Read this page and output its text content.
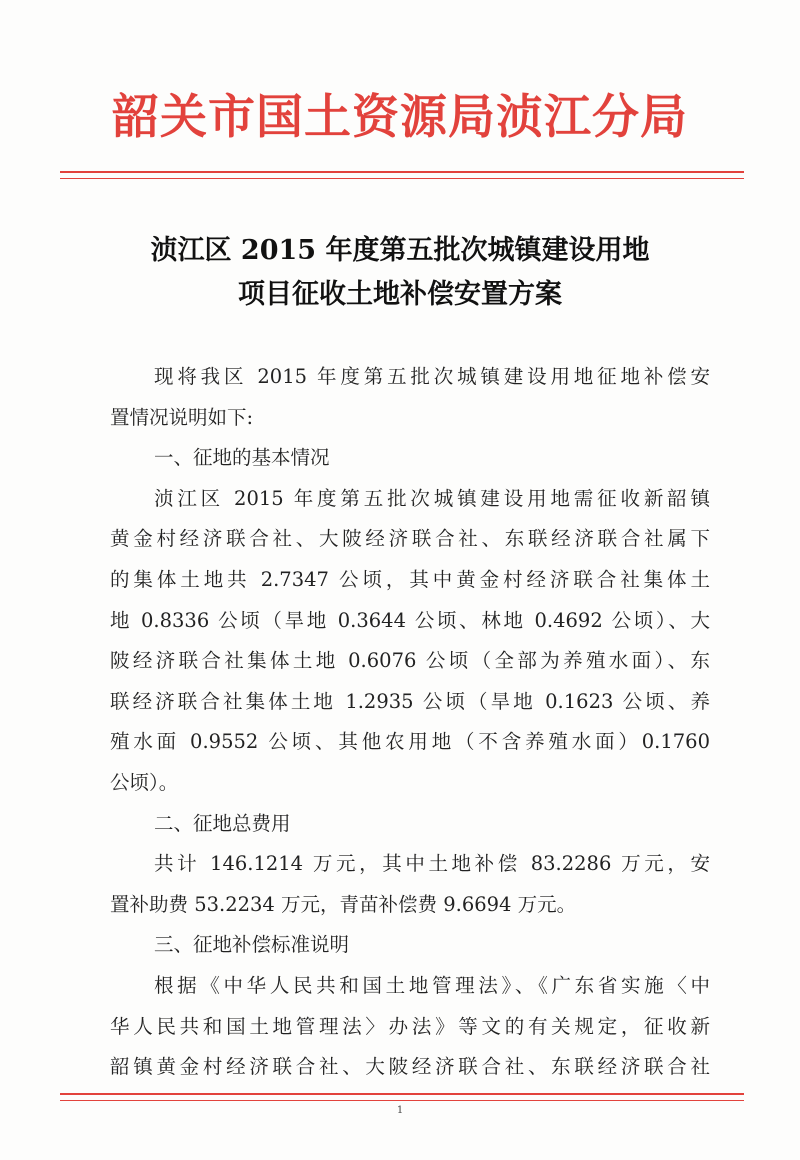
韶关市国土资源局浈江分局
浈江区 2015 年度第五批次城镇建设用地
项目征收土地补偿安置方案
现将我区 2015 年度第五批次城镇建设用地征地补偿安
置情况说明如下:
一、征地的基本情况
浈江区 2015 年度第五批次城镇建设用地需征收新韶镇
黄金村经济联合社、大陂经济联合社、东联经济联合社属下
的集体土地共 2.7347 公顷，其中黄金村经济联合社集体土
地 0.8336 公顷（旱地 0.3644 公顷、林地 0.4692 公顷）、大
陂经济联合社集体土地 0.6076 公顷（全部为养殖水面）、东
联经济联合社集体土地 1.2935 公顷（旱地 0.1623 公顷、养
殖水面 0.9552 公顷、其他农用地（不含养殖水面）0.1760
公顷）。
二、征地总费用
共计 146.1214 万元，其中土地补偿 83.2286 万元，安
置补助费 53.2234 万元，青苗补偿费 9.6694 万元。
三、征地补偿标准说明
根据《中华人民共和国土地管理法》、《广东省实施〈中
华人民共和国土地管理法〉办法》等文的有关规定，征收新
韶镇黄金村经济联合社、大陂经济联合社、东联经济联合社
1
